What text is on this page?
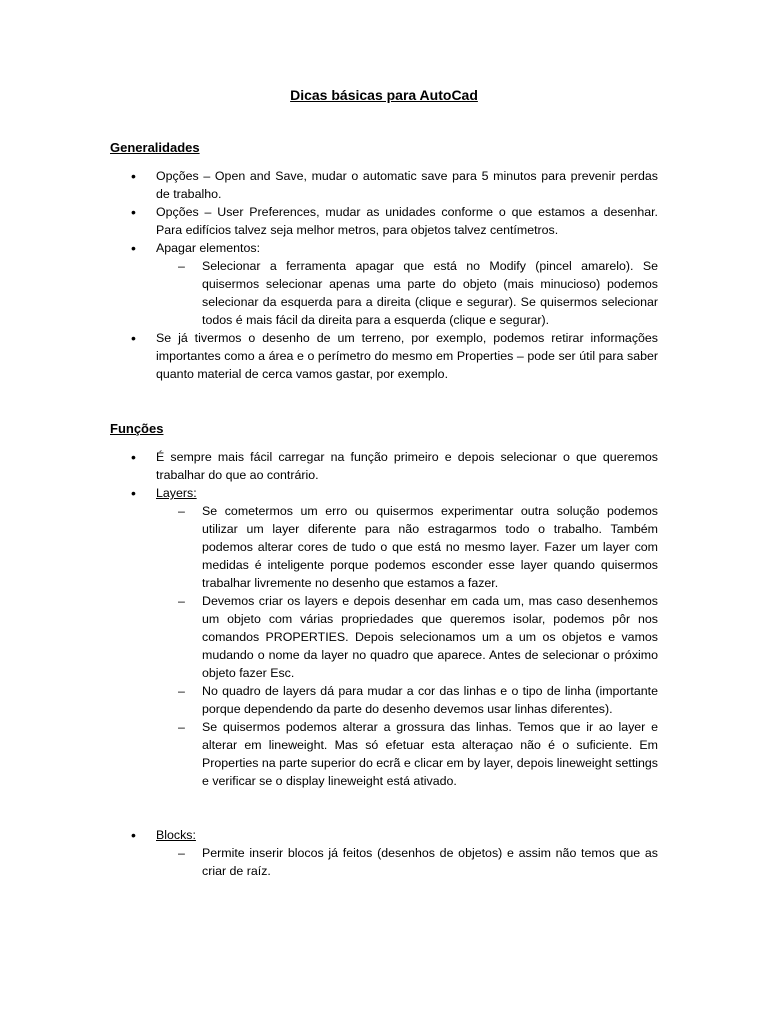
Dicas básicas para AutoCad
Generalidades
• Opções – Open and Save, mudar o automatic save para 5 minutos para prevenir perdas de trabalho.
• Opções – User Preferences, mudar as unidades conforme o que estamos a desenhar. Para edifícios talvez seja melhor metros, para objetos talvez centímetros.
• Apagar elementos:
– Selecionar a ferramenta apagar que está no Modify (pincel amarelo). Se quisermos selecionar apenas uma parte do objeto (mais minucioso) podemos selecionar da esquerda para a direita (clique e segurar). Se quisermos selecionar todos é mais fácil da direita para a esquerda (clique e segurar).
• Se já tivermos o desenho de um terreno, por exemplo, podemos retirar informações importantes como a área e o perímetro do mesmo em Properties – pode ser útil para saber quanto material de cerca vamos gastar, por exemplo.
Funções
• É sempre mais fácil carregar na função primeiro e depois selecionar o que queremos trabalhar do que ao contrário.
• Layers:
– Se cometermos um erro ou quisermos experimentar outra solução podemos utilizar um layer diferente para não estragarmos todo o trabalho. Também podemos alterar cores de tudo o que está no mesmo layer. Fazer um layer com medidas é inteligente porque podemos esconder esse layer quando quisermos trabalhar livremente no desenho que estamos a fazer.
– Devemos criar os layers e depois desenhar em cada um, mas caso desenhemos um objeto com várias propriedades que queremos isolar, podemos pôr nos comandos PROPERTIES. Depois selecionamos um a um os objetos e vamos mudando o nome da layer no quadro que aparece. Antes de selecionar o próximo objeto fazer Esc.
– No quadro de layers dá para mudar a cor das linhas e o tipo de linha (importante porque dependendo da parte do desenho devemos usar linhas diferentes).
– Se quisermos podemos alterar a grossura das linhas. Temos que ir ao layer e alterar em lineweight. Mas só efetuar esta alteraçao não é o suficiente. Em Properties na parte superior do ecrã e clicar em by layer, depois lineweight settings e verificar se o display lineweight está ativado.
• Blocks:
– Permite inserir blocos já feitos (desenhos de objetos) e assim não temos que as criar de raíz.
